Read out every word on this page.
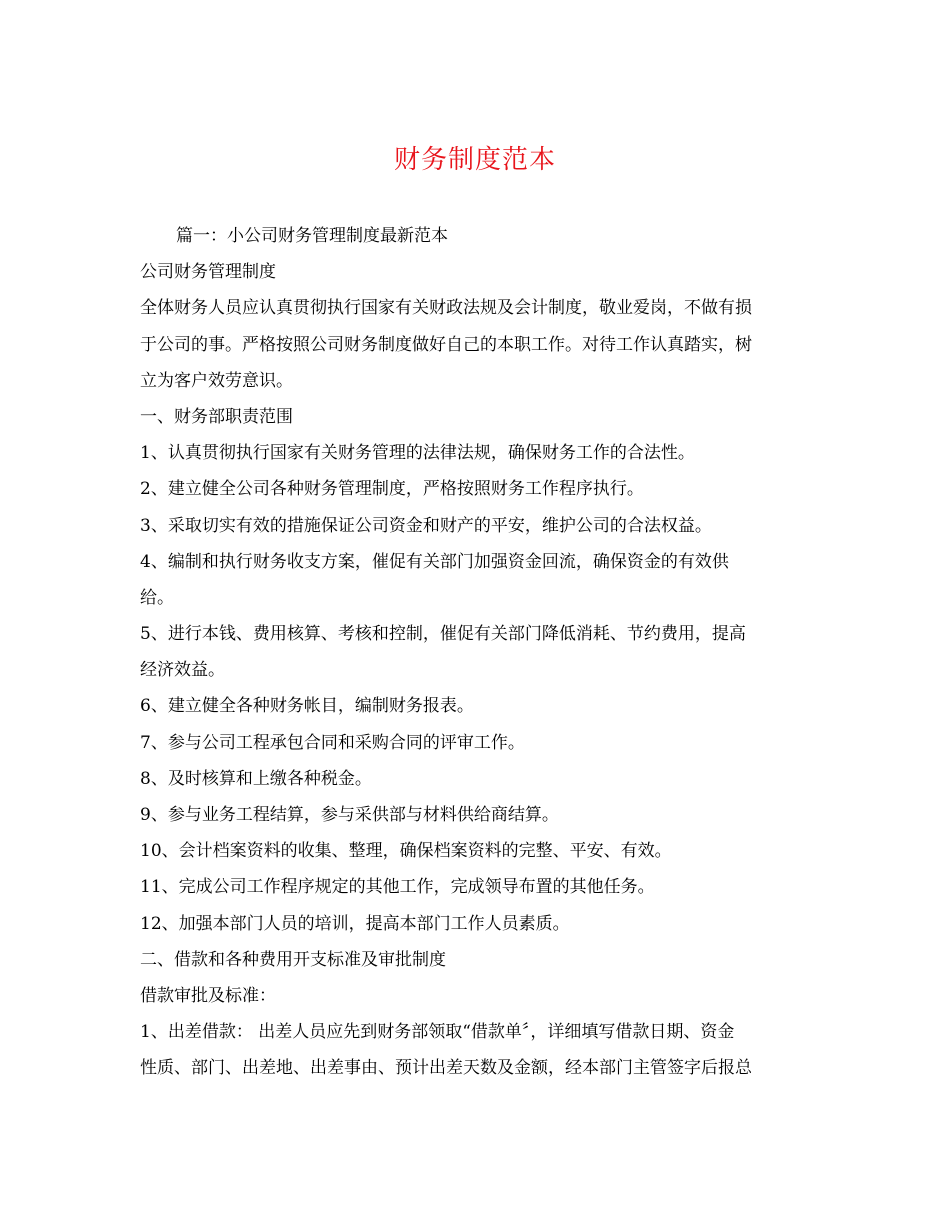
财务制度范本

篇一：小公司财务管理制度最新范本

公司财务管理制度

全体财务人员应认真贯彻执行国家有关财政法规及会计制度，敬业爱岗，不做有损

于公司的事。严格按照公司财务制度做好自己的本职工作。对待工作认真踏实，树

立为客户效劳意识。

一、财务部职责范围

1、认真贯彻执行国家有关财务管理的法律法规，确保财务工作的合法性。

2、建立健全公司各种财务管理制度，严格按照财务工作程序执行。

3、采取切实有效的措施保证公司资金和财产的平安，维护公司的合法权益。

4、编制和执行财务收支方案，催促有关部门加强资金回流，确保资金的有效供

给。

5、进行本钱、费用核算、考核和控制，催促有关部门降低消耗、节约费用，提高

经济效益。

6、建立健全各种财务帐目，编制财务报表。

7、参与公司工程承包合同和采购合同的评审工作。

8、及时核算和上缴各种税金。

9、参与业务工程结算，参与采供部与材料供给商结算。

10、会计档案资料的收集、整理，确保档案资料的完整、平安、有效。

11、完成公司工作程序规定的其他工作，完成领导布置的其他任务。

12、加强本部门人员的培训，提高本部门工作人员素质。

二、借款和各种费用开支标准及审批制度

借款审批及标准：

1、出差借款： 出差人员应先到财务部领取“借款单〞，详细填写借款日期、资金

性质、部门、出差地、出差事由、预计出差天数及金额，经本部门主管签字后报总
